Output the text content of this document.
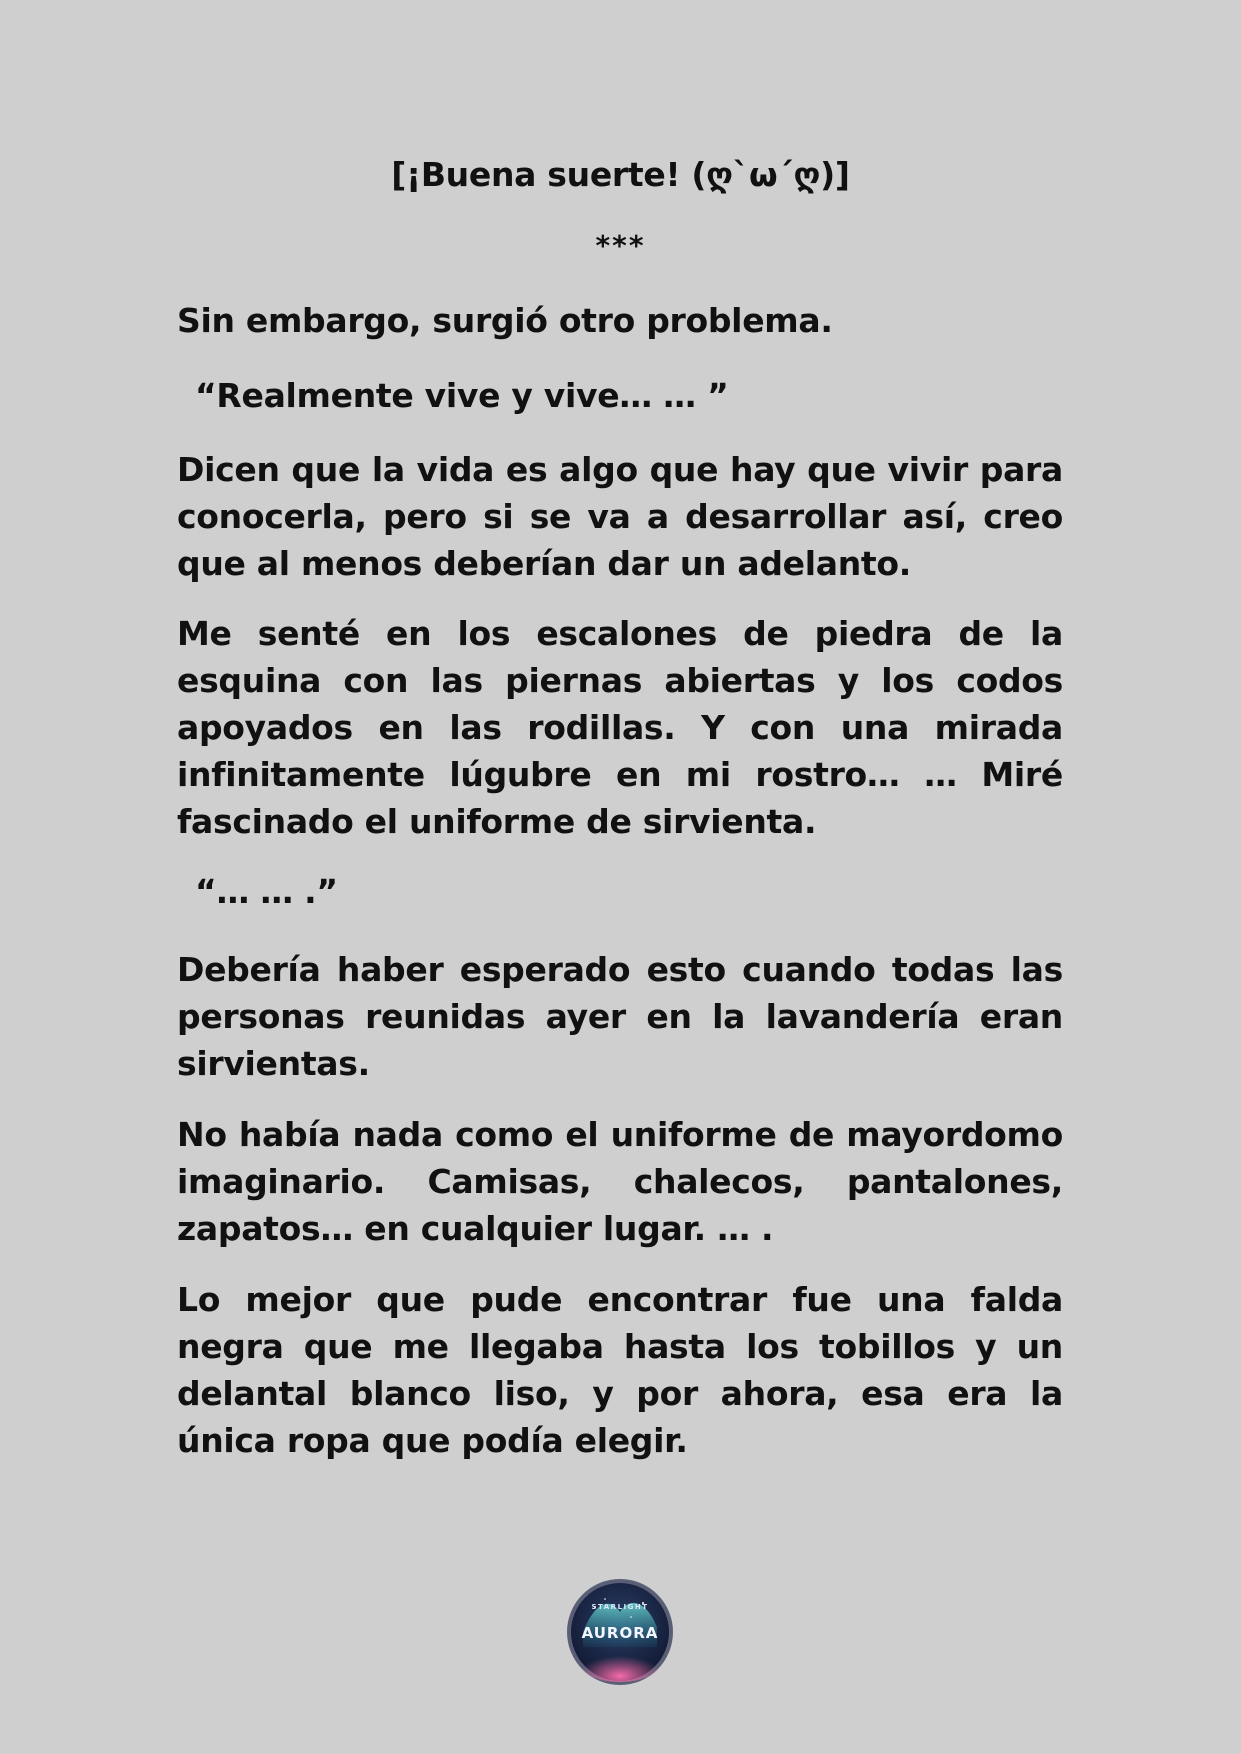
[¡Buena suerte! (ღ`ω´ღ)]
***

Sin embargo, surgió otro problema.

“Realmente vive y vive… … ”

Dicen que la vida es algo que hay que vivir para conocerla, pero si se va a desarrollar así, creo que al menos deberían dar un adelanto.

Me senté en los escalones de piedra de la esquina con las piernas abiertas y los codos apoyados en las rodillas. Y con una mirada infinitamente lúgubre en mi rostro… … Miré fascinado el uniforme de sirvienta.

“… … .”

Debería haber esperado esto cuando todas las personas reunidas ayer en la lavandería eran sirvientas.

No había nada como el uniforme de mayordomo imaginario. Camisas, chalecos, pantalones, zapatos… en cualquier lugar. … .

Lo mejor que pude encontrar fue una falda negra que me llegaba hasta los tobillos y un delantal blanco liso, y por ahora, esa era la única ropa que podía elegir.

STARLIGHT
AURORA
